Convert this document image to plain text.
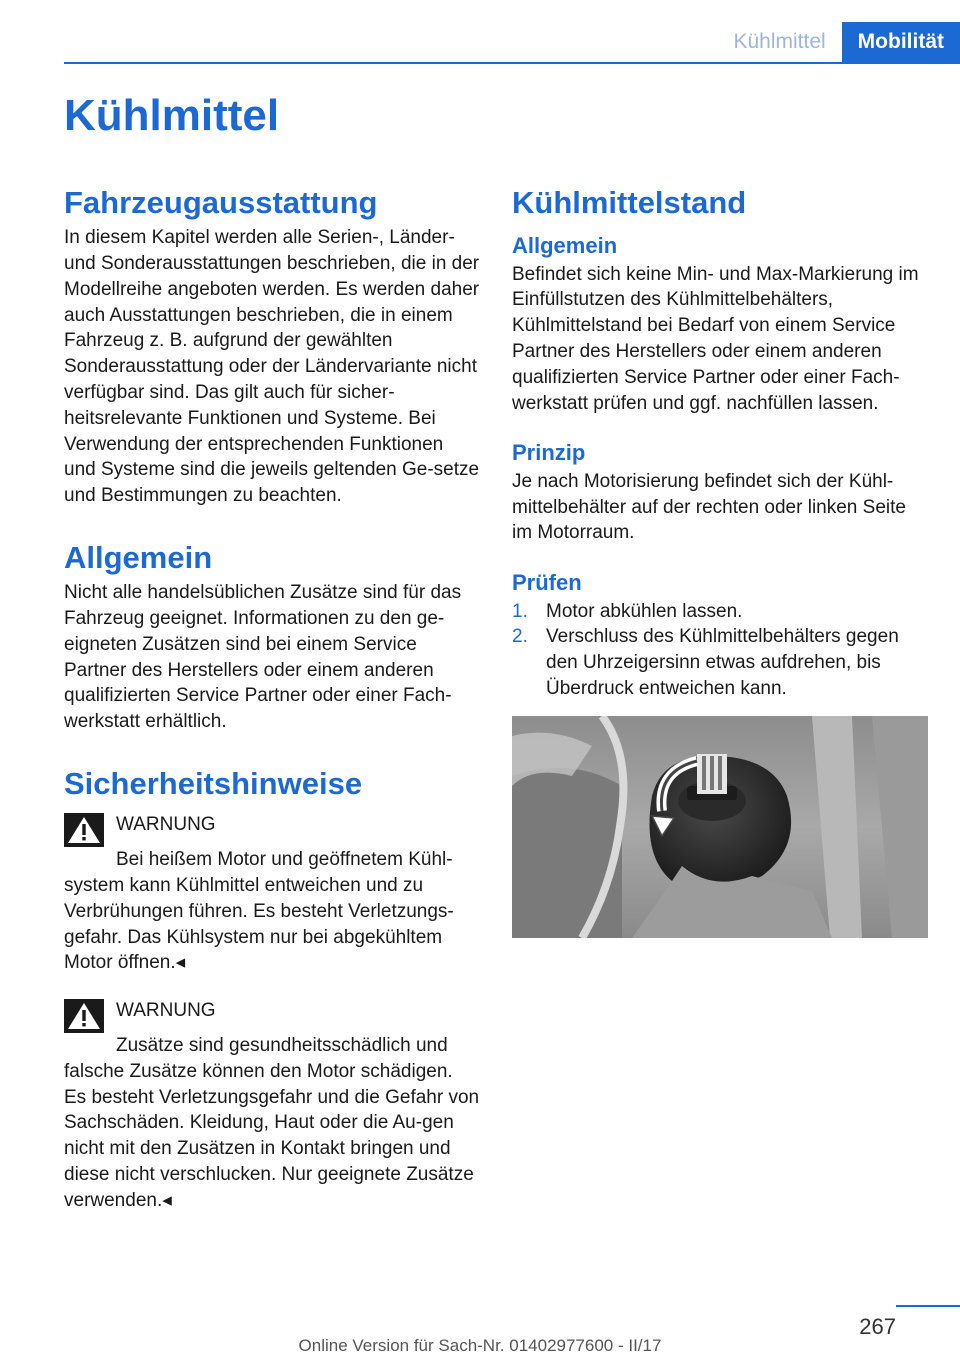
Kühlmittel	Mobilität
Kühlmittel
Fahrzeugausstattung

In diesem Kapitel werden alle Serien-, Länder- und Sonderausstattungen beschrieben, die in der Modellreihe angeboten werden. Es werden daher auch Ausstattungen beschrieben, die in einem Fahrzeug z. B. aufgrund der gewählten Sonderausstattung oder der Ländervariante nicht verfügbar sind. Das gilt auch für sicher-heitsrelevante Funktionen und Systeme. Bei Verwendung der entsprechenden Funktionen und Systeme sind die jeweils geltenden Ge-setze und Bestimmungen zu beachten.

Allgemein

Nicht alle handelsüblichen Zusätze sind für das Fahrzeug geeignet. Informationen zu den ge-eigneten Zusätzen sind bei einem Service Partner des Herstellers oder einem anderen qualifizierten Service Partner oder einer Fach-werkstatt erhältlich.

Sicherheitshinweise
WARNUNG
Bei heißem Motor und geöffnetem Kühl-system kann Kühlmittel entweichen und zu Verbrühungen führen. Es besteht Verletzungs-gefahr. Das Kühlsystem nur bei abgekühltem Motor öffnen.◂
WARNUNG
Zusätze sind gesundheitsschädlich und falsche Zusätze können den Motor schädigen. Es besteht Verletzungsgefahr und die Gefahr von Sachschäden. Kleidung, Haut oder die Au-gen nicht mit den Zusätzen in Kontakt bringen und diese nicht verschlucken. Nur geeignete Zusätze verwenden.◂
Kühlmittelstand
Allgemein

Befindet sich keine Min- und Max-Markierung im Einfüllstutzen des Kühlmittelbehälters, Kühlmittelstand bei Bedarf von einem Service Partner des Herstellers oder einem anderen qualifizierten Service Partner oder einer Fach-werkstatt prüfen und ggf. nachfüllen lassen.

Prinzip

Je nach Motorisierung befindet sich der Kühl-mittelbehälter auf der rechten oder linken Seite im Motorraum.

Prüfen
1. Motor abkühlen lassen.
2. Verschluss des Kühlmittelbehälters gegen den Uhrzeigersinn etwas aufdrehen, bis Überdruck entweichen kann.
267
Online Version für Sach-Nr. 01402977600 - II/17
